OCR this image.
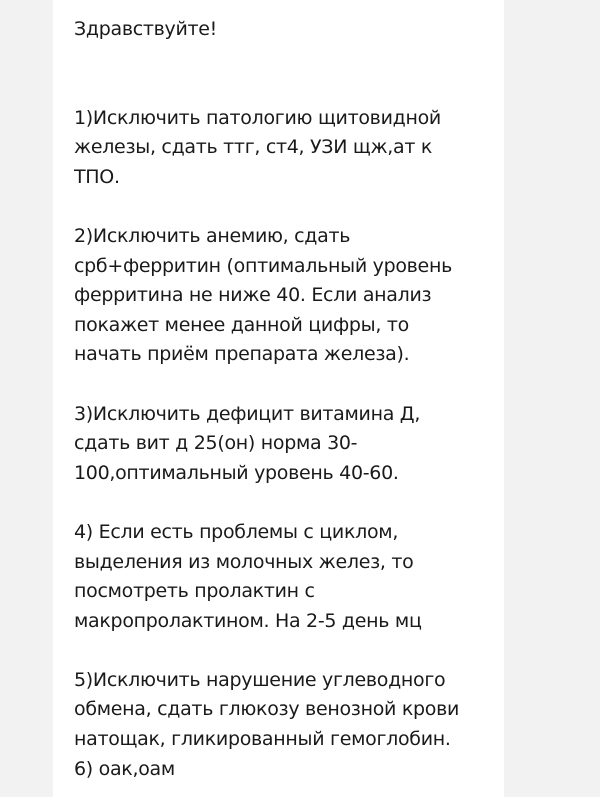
Здравствуйте!
1)Исключить патологию щитовидной
железы, сдать ттг, ст4, УЗИ щж,ат к
ТПО.
2)Исключить анемию, сдать
срб+ферритин (оптимальный уровень
ферритина не ниже 40. Если анализ
покажет менее данной цифры, то
начать приём препарата железа).
3)Исключить дефицит витамина Д,
сдать вит д 25(он) норма 30-
100,оптимальный уровень 40-60.
4) Если есть проблемы с циклом,
выделения из молочных желез, то
посмотреть пролактин с
макропролактином. На 2-5 день мц
5)Исключить нарушение углеводного
обмена, сдать глюкозу венозной крови
натощак, гликированный гемоглобин.
6) оак,оам
